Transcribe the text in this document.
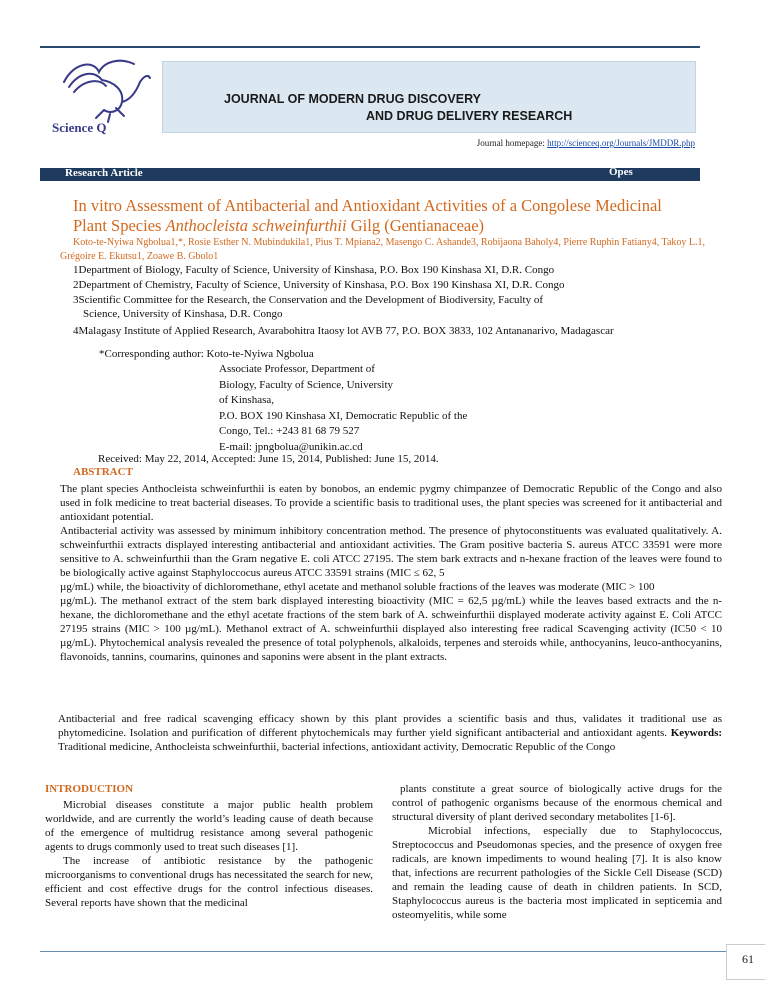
Science Q
JOURNAL OF MODERN DRUG DISCOVERY
AND DRUG DELIVERY RESEARCH
Journal homepage: http://scienceq.org/Journals/JMDDR.php
Research Article	Opes
In vitro Assessment of Antibacterial and Antioxidant Activities of a Congolese Medicinal
Plant Species Anthocleista schweinfurthii Gilg (Gentianaceae)
Koto-te-Nyiwa Ngbolua1,*, Rosie Esther N. Mubindukila1, Pius T. Mpiana2, Masengo C. Ashande3, Robijaona Baholy4, Pierre Ruphin Fatiany4, Takoy L.1, Grégoire E. Ekutsu1, Zoawe B. Gbolo1
1Department of Biology, Faculty of Science, University of Kinshasa, P.O. Box 190 Kinshasa XI, D.R. Congo
2Department of Chemistry, Faculty of Science, University of Kinshasa, P.O. Box 190 Kinshasa XI, D.R. Congo
3Scientific Committee for the Research, the Conservation and the Development of Biodiversity, Faculty of
Science, University of Kinshasa, D.R. Congo
4Malagasy Institute of Applied Research, Avarabohitra Itaosy lot AVB 77, P.O. BOX 3833, 102 Antananarivo, Madagascar
*Corresponding author: Koto-te-Nyiwa Ngbolua
Associate Professor, Department of
Biology, Faculty of Science, University
of Kinshasa,
P.O. BOX 190 Kinshasa XI, Democratic Republic of the
Congo, Tel.: +243 81 68 79 527
E-mail: jpngbolua@unikin.ac.cd
Received: May 22, 2014, Accepted: June 15, 2014, Published: June 15, 2014.
ABSTRACT

The plant species Anthocleista schweinfurthii is eaten by bonobos, an endemic pygmy chimpanzee of Democratic Republic of the Congo and also used in folk medicine to treat bacterial diseases. To provide a scientific basis to traditional uses, the plant species was screened for it antibacterial and antioxidant potential.

Antibacterial activity was assessed by minimum inhibitory concentration method. The presence of phytoconstituents was evaluated qualitatively. A. schweinfurthii extracts displayed interesting antibacterial and antioxidant activities. The Gram positive bacteria S. aureus ATCC 33591 were more sensitive to A. schweinfurthii than the Gram negative E. coli ATCC 27195. The stem bark extracts and n-hexane fraction of the leaves were found to be biologically active against Staphyloccocus aureus ATCC 33591 strains (MIC ≤ 62, 5

µg/mL) while, the bioactivity of dichloromethane, ethyl acetate and methanol soluble fractions of the leaves was moderate (MIC > 100

µg/mL). The methanol extract of the stem bark displayed interesting bioactivity (MIC = 62,5 µg/mL) while the leaves based extracts and the n-hexane, the dichloromethane and the ethyl acetate fractions of the stem bark of A. schweinfurthii displayed moderate activity against E. Coli ATCC 27195 strains (MIC > 100 µg/mL). Methanol extract of A. schweinfurthii displayed also interesting free radical Scavenging activity (IC50 < 10 µg/mL). Phytochemical analysis revealed the presence of total polyphenols, alkaloids, terpenes and steroids while, anthocyanins, leuco-anthocyanins, flavonoids, tannins, coumarins, quinones and saponins were absent in the plant extracts.

Antibacterial and free radical scavenging efficacy shown by this plant provides a scientific basis and thus, validates it traditional use as phytomedicine. Isolation and purification of different phytochemicals may further yield significant antibacterial and antioxidant agents. Keywords: Traditional medicine, Anthocleista schweinfurthii, bacterial infections, antioxidant activity, Democratic Republic of the Congo
INTRODUCTION

Microbial diseases constitute a major public health problem worldwide, and are currently the world’s leading cause of death because of the emergence of multidrug resistance among several pathogenic agents to drugs commonly used to treat such diseases [1].

The increase of antibiotic resistance by the pathogenic microorganisms to conventional drugs has necessitated the search for new, efficient and cost effective drugs for the control infectious diseases. Several reports have shown that the medicinal

plants constitute a great source of biologically active drugs for the control of pathogenic organisms because of the enormous chemical and structural diversity of plant derived secondary metabolites [1-6].

Microbial infections, especially due to Staphylococcus, Streptococcus and Pseudomonas species, and the presence of oxygen free radicals, are known impediments to wound healing [7]. It is also know that, infections are recurrent pathologies of the Sickle Cell Disease (SCD) and remain the leading cause of death in children patients. In SCD, Staphylococcus aureus is the bacteria most implicated in septicemia and osteomyelitis, while some

61
